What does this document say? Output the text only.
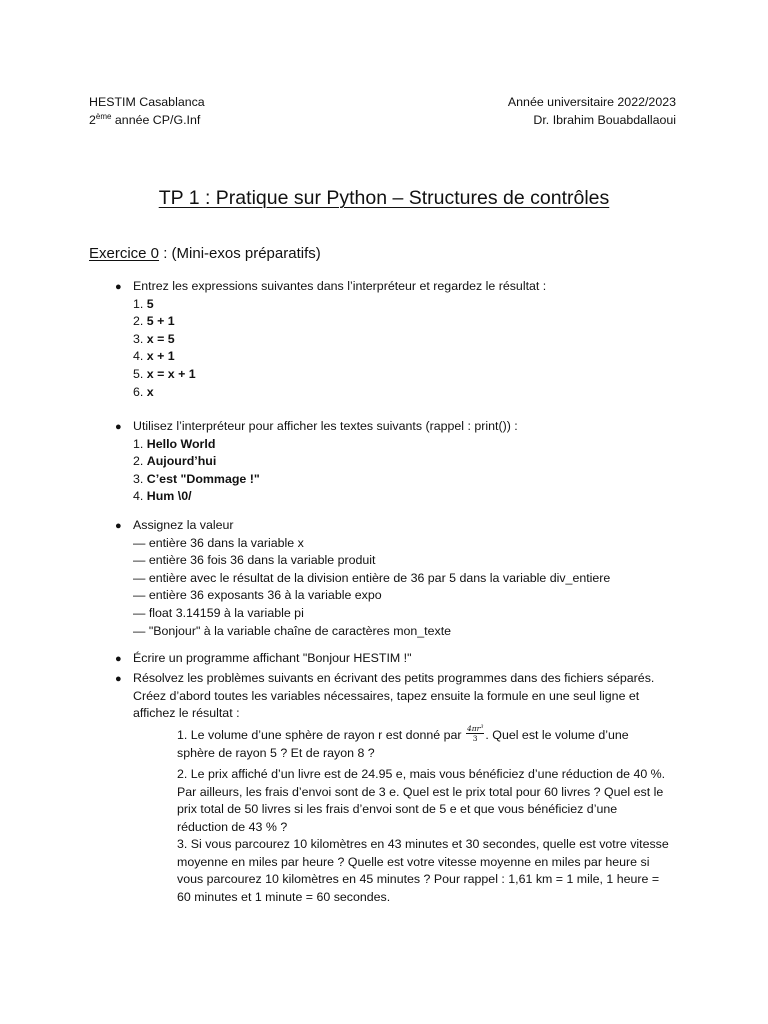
HESTIM Casablanca
2ème année CP/G.Inf
Année universitaire 2022/2023
Dr. Ibrahim Bouabdallaoui
TP 1 : Pratique sur Python – Structures de contrôles
Exercice 0 : (Mini-exos préparatifs)
● Entrez les expressions suivantes dans l’interpréteur et regardez le résultat :
1. 5
2. 5 + 1
3. x = 5
4. x + 1
5. x = x + 1
6. x
● Utilisez l’interpréteur pour afficher les textes suivants (rappel : print()) :
1. Hello World
2. Aujourd’hui
3. C’est "Dommage !"
4. Hum \0/
● Assignez la valeur
— entière 36 dans la variable x
— entière 36 fois 36 dans la variable produit
— entière avec le résultat de la division entière de 36 par 5 dans la variable div_entiere
— entière 36 exposants 36 à la variable expo
— float 3.14159 à la variable pi
— "Bonjour" à la variable chaîne de caractères mon_texte
● Écrire un programme affichant "Bonjour HESTIM !"
● Résolvez les problèmes suivants en écrivant des petits programmes dans des fichiers séparés.
Créez d’abord toutes les variables nécessaires, tapez ensuite la formule en une seul ligne et
affichez le résultat :
1. Le volume d’une sphère de rayon r est donné par $\frac{4\pi r^3}{3}$ . Quel est le volume d’une
sphère de rayon 5 ? Et de rayon 8 ?
2. Le prix affiché d’un livre est de 24.95 e, mais vous bénéficiez d’une réduction de 40 %.
Par ailleurs, les frais d’envoi sont de 3 e. Quel est le prix total pour 60 livres ? Quel est le
prix total de 50 livres si les frais d’envoi sont de 5 e et que vous bénéficiez d’une
réduction de 43 % ?
3. Si vous parcourez 10 kilomètres en 43 minutes et 30 secondes, quelle est votre vitesse
moyenne en miles par heure ? Quelle est votre vitesse moyenne en miles par heure si
vous parcourez 10 kilomètres en 45 minutes ? Pour rappel : 1,61 km = 1 mile, 1 heure =
60 minutes et 1 minute = 60 secondes.
